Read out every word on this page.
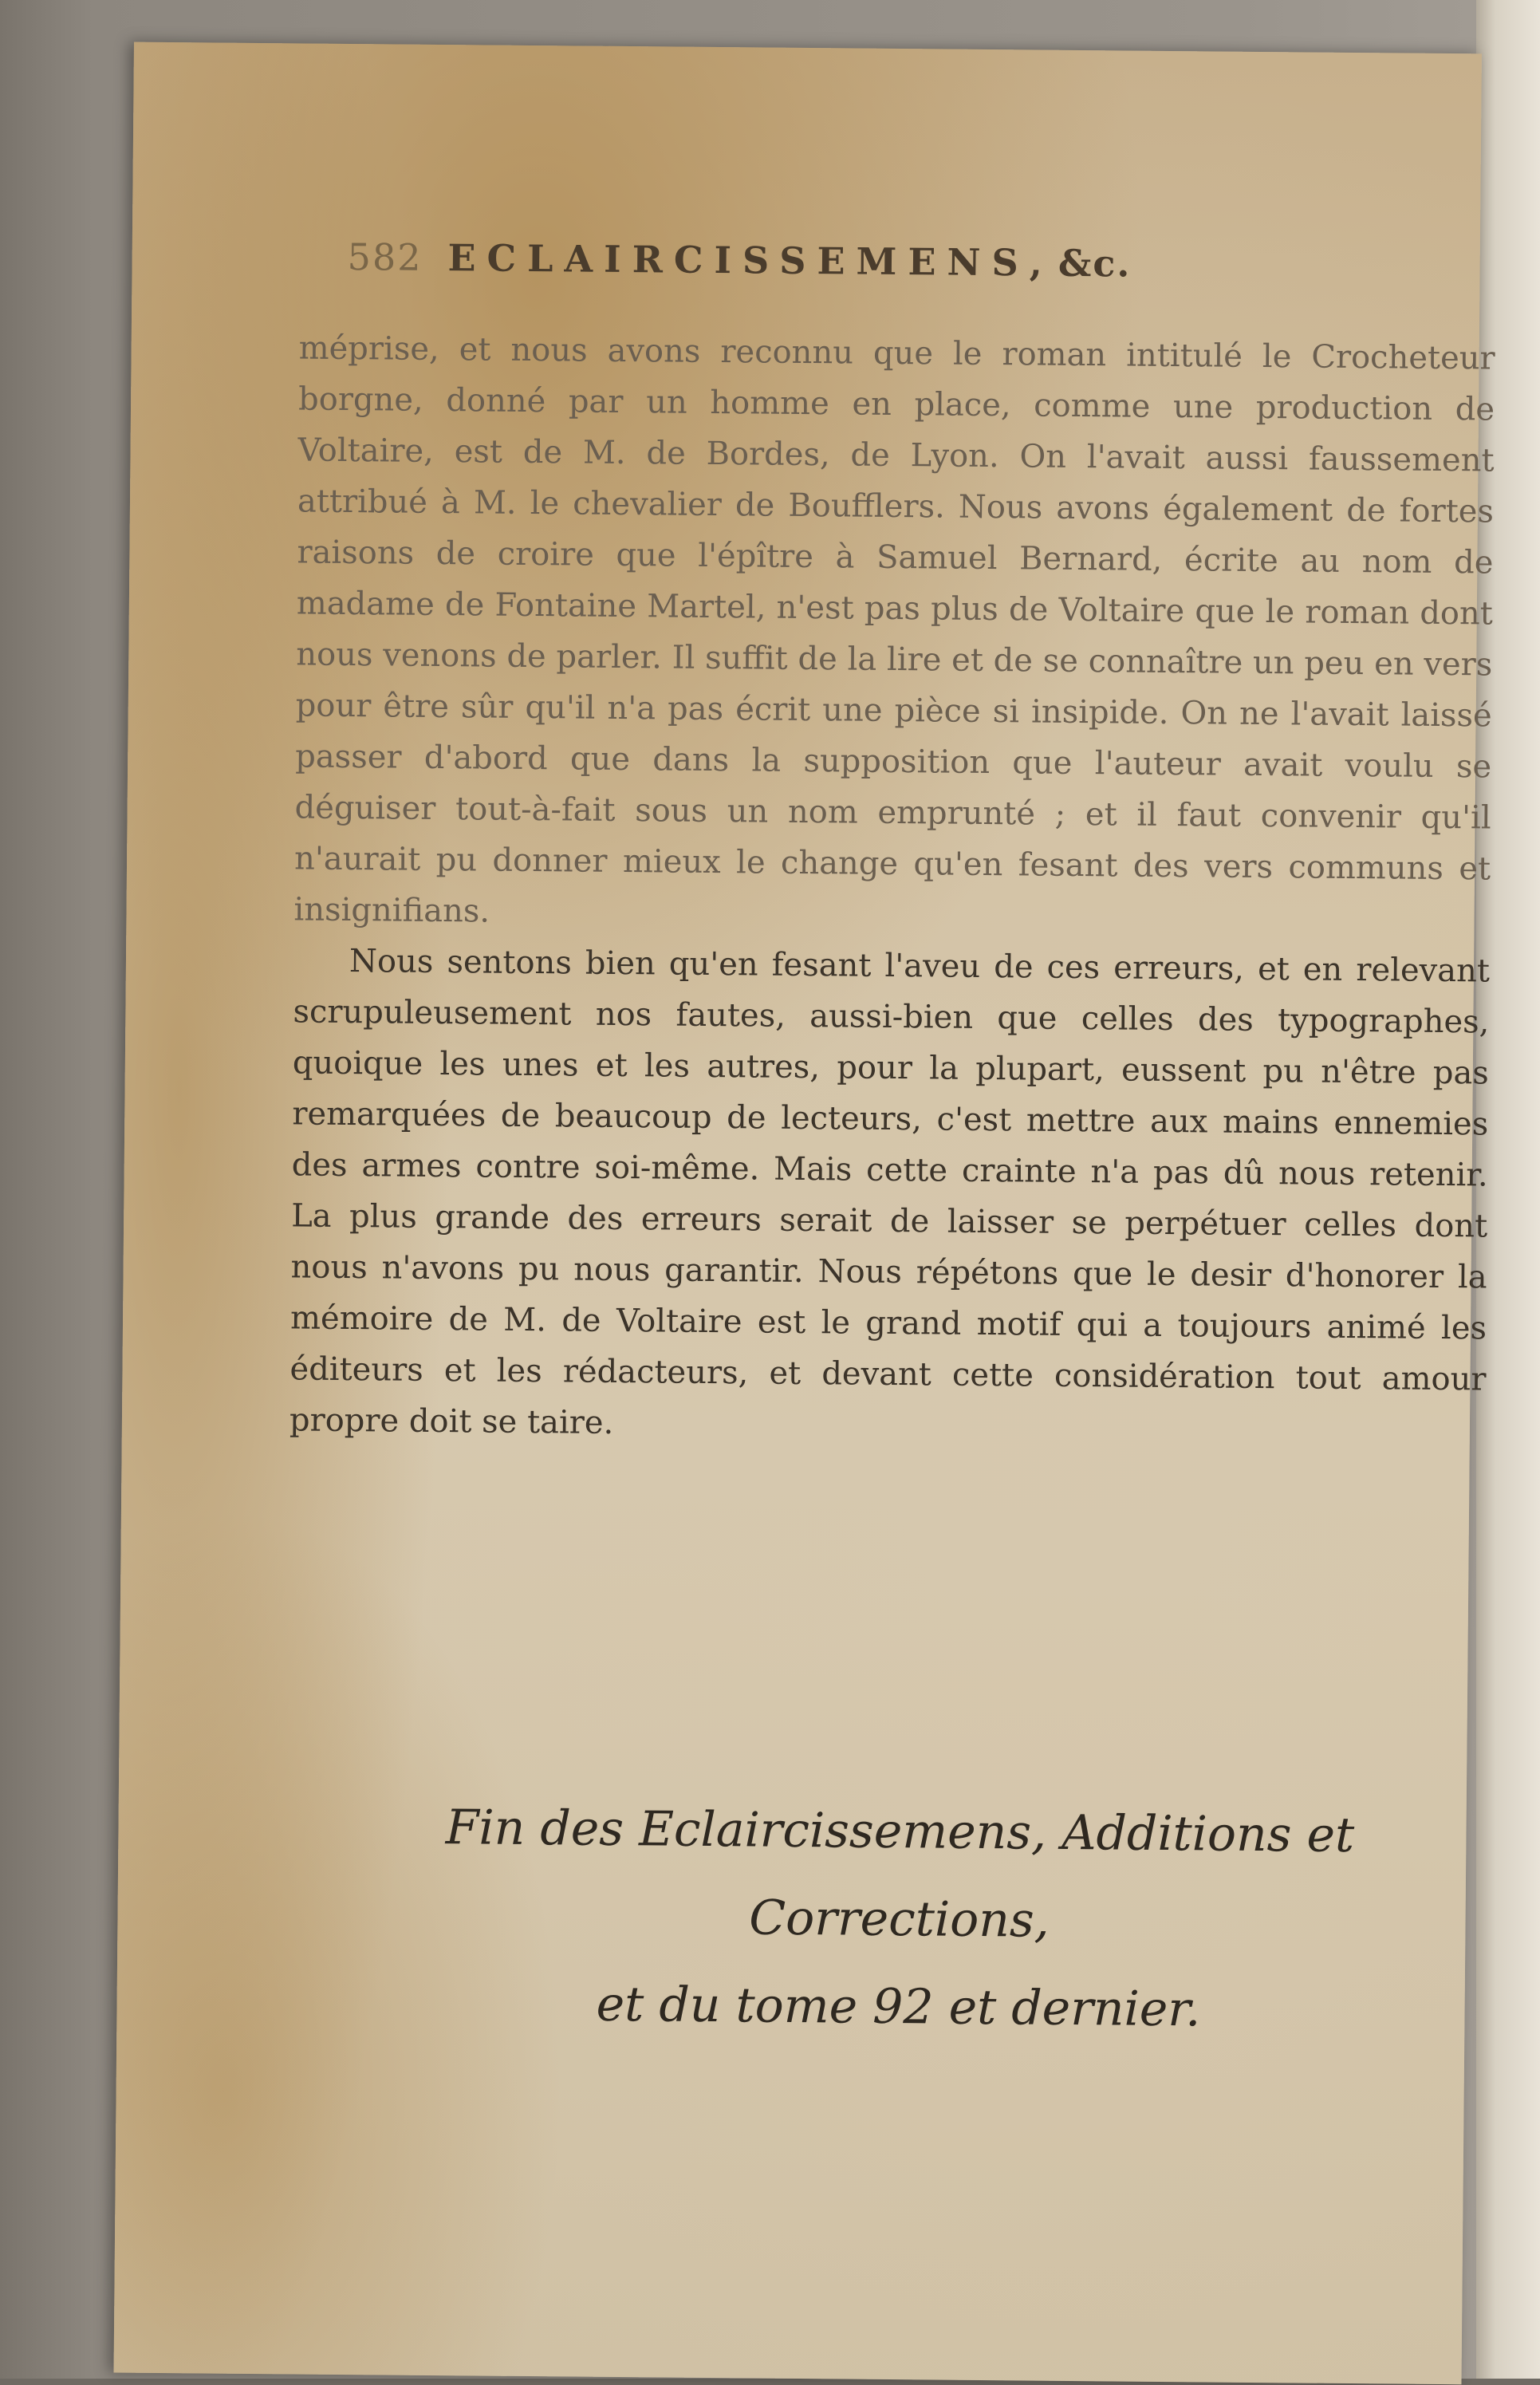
582 ECLAIRCISSEMENS, &c.

méprise, et nous avons reconnu que le roman intitulé le Crocheteur borgne, donné par un homme en place, comme une production de Voltaire, est de M. de Bordes, de Lyon. On l'avait aussi faussement attribué à M. le chevalier de Boufflers. Nous avons également de fortes raisons de croire que l'épître à Samuel Bernard, écrite au nom de madame de Fontaine Martel, n'est pas plus de Voltaire que le roman dont nous venons de parler. Il suffit de la lire et de se connaître un peu en vers pour être sûr qu'il n'a pas écrit une pièce si insipide. On ne l'avait laissé passer d'abord que dans la supposition que l'auteur avait voulu se déguiser tout-à-fait sous un nom emprunté ; et il faut convenir qu'il n'aurait pu donner mieux le change qu'en fesant des vers communs et insignifians.

Nous sentons bien qu'en fesant l'aveu de ces erreurs, et en relevant scrupuleusement nos fautes, aussi-bien que celles des typographes, quoique les unes et les autres, pour la plupart, eussent pu n'être pas remarquées de beaucoup de lecteurs, c'est mettre aux mains ennemies des armes contre soi-même. Mais cette crainte n'a pas dû nous retenir. La plus grande des erreurs serait de laisser se perpétuer celles dont nous n'avons pu nous garantir. Nous répétons que le desir d'honorer la mémoire de M. de Voltaire est le grand motif qui a toujours animé les éditeurs et les rédacteurs, et devant cette considération tout amour propre doit se taire.

Fin des Eclaircissemens, Additions et Corrections,
et du tome 92 et dernier.
